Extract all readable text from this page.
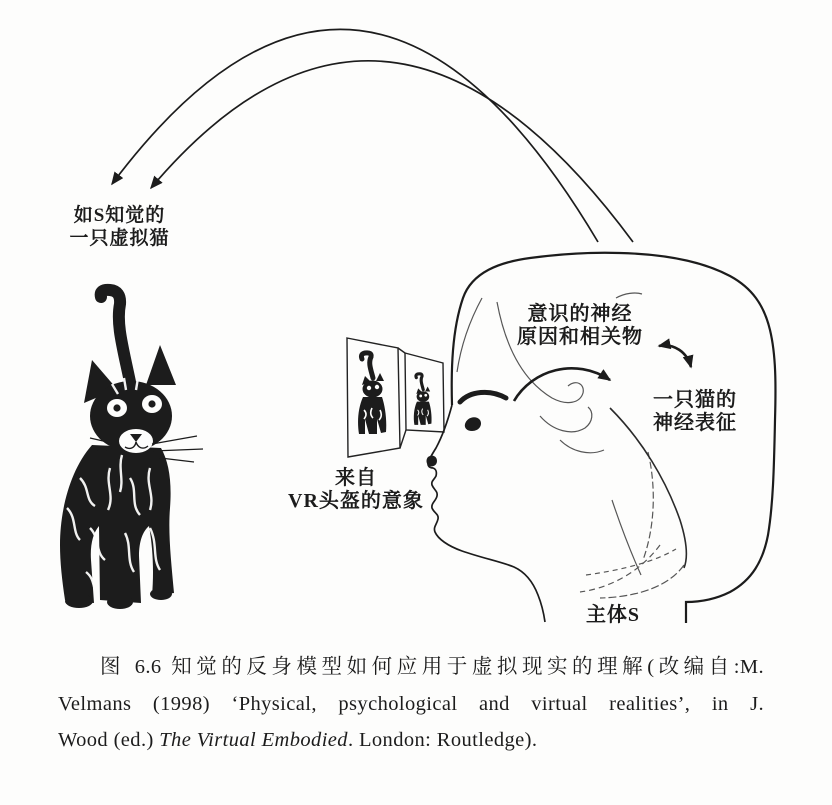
如S知觉的
一只虚拟猫
意识的神经
原因和相关物
一只猫的
神经表征
来自
VR头盔的意象
主体S
图 6.6 知觉的反身模型如何应用于虚拟现实的理解(改编自:M.
Velmans (1998) ‘Physical, psychological and virtual realities’, in J.
Wood (ed.) The Virtual Embodied. London: Routledge).
